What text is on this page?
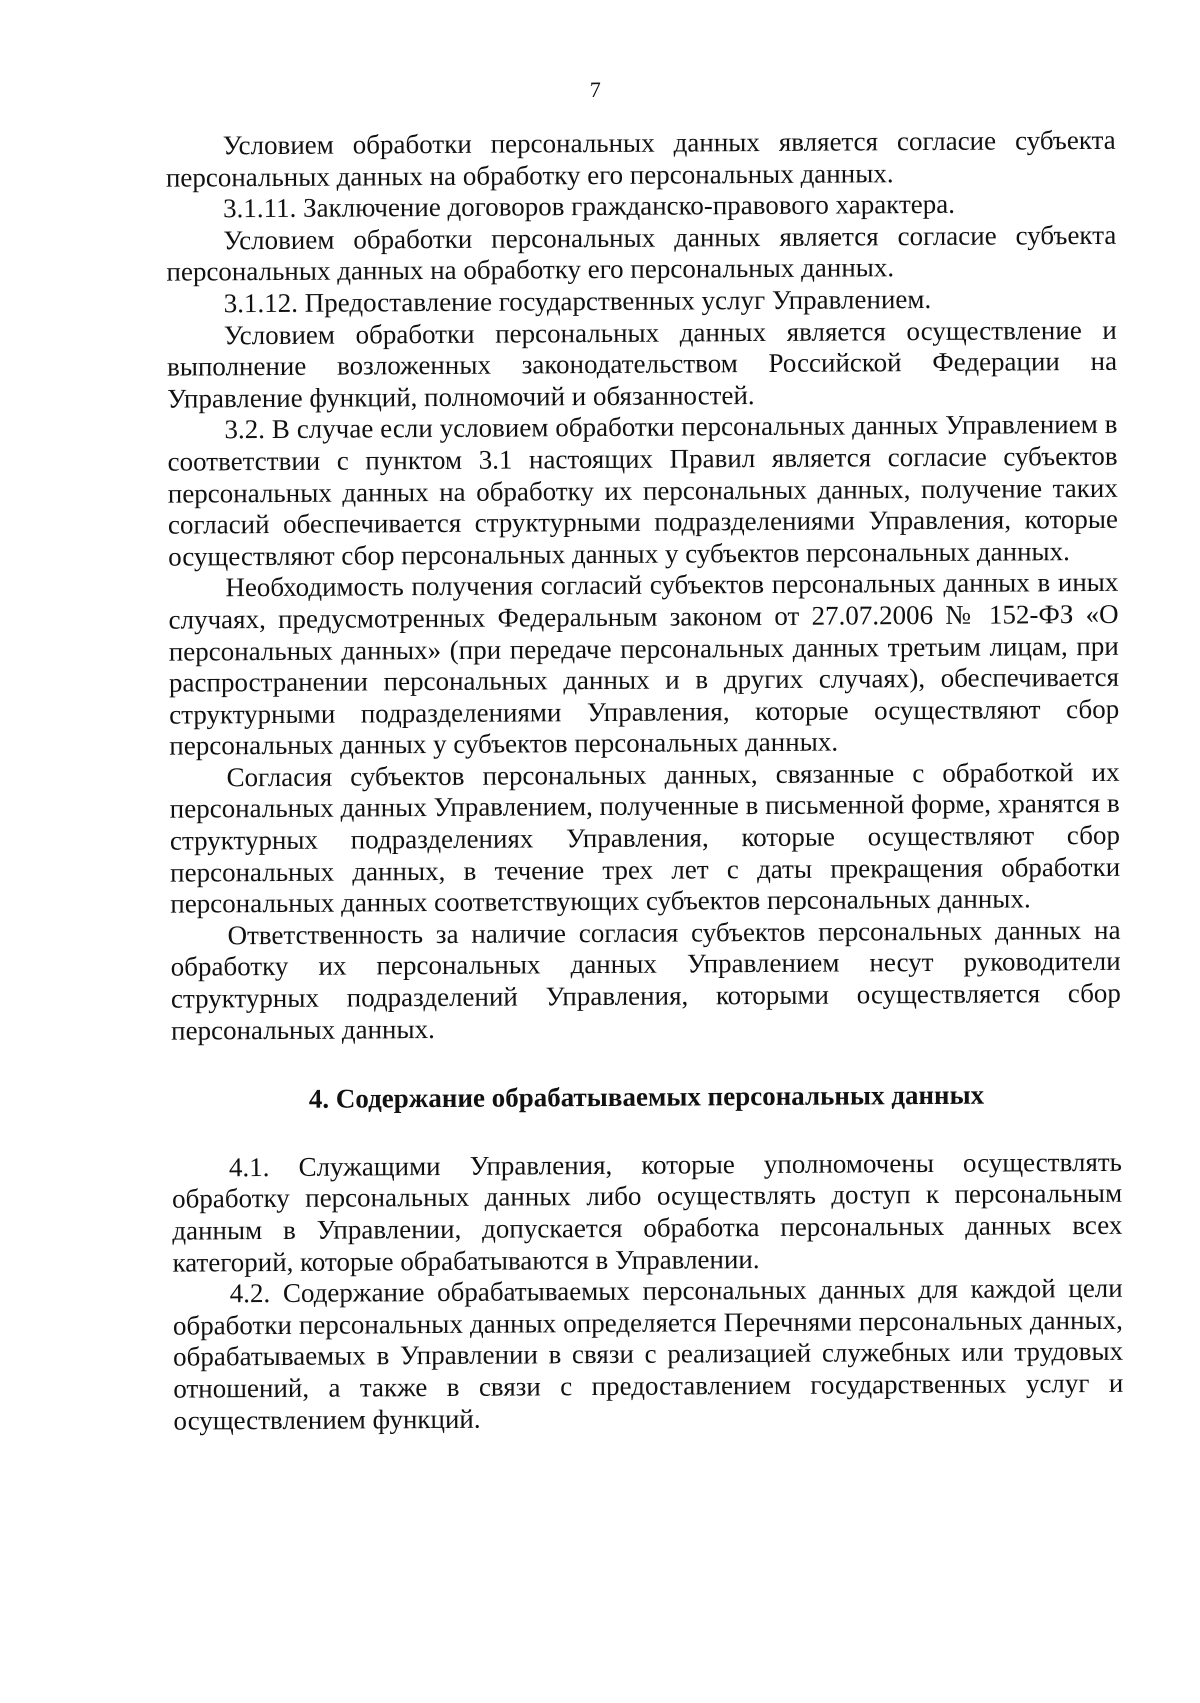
7

Условием обработки персональных данных является согласие субъекта персональных данных на обработку его персональных данных.

3.1.11. Заключение договоров гражданско-правового характера.

Условием обработки персональных данных является согласие субъекта персональных данных на обработку его персональных данных.

3.1.12. Предоставление государственных услуг Управлением.

Условием обработки персональных данных является осуществление и выполнение возложенных законодательством Российской Федерации на Управление функций, полномочий и обязанностей.

3.2. В случае если условием обработки персональных данных Управлением в соответствии с пунктом 3.1 настоящих Правил является согласие субъектов персональных данных на обработку их персональных данных, получение таких согласий обеспечивается структурными подразделениями Управления, которые осуществляют сбор персональных данных у субъектов персональных данных.

Необходимость получения согласий субъектов персональных данных в иных случаях, предусмотренных Федеральным законом от 27.07.2006 № 152-ФЗ «О персональных данных» (при передаче персональных данных третьим лицам, при распространении персональных данных и в других случаях), обеспечивается структурными подразделениями Управления, которые осуществляют сбор персональных данных у субъектов персональных данных.

Согласия субъектов персональных данных, связанные с обработкой их персональных данных Управлением, полученные в письменной форме, хранятся в структурных подразделениях Управления, которые осуществляют сбор персональных данных, в течение трех лет с даты прекращения обработки персональных данных соответствующих субъектов персональных данных.

Ответственность за наличие согласия субъектов персональных данных на обработку их персональных данных Управлением несут руководители структурных подразделений Управления, которыми осуществляется сбор персональных данных.

4. Содержание обрабатываемых персональных данных

4.1. Служащими Управления, которые уполномочены осуществлять обработку персональных данных либо осуществлять доступ к персональным данным в Управлении, допускается обработка персональных данных всех категорий, которые обрабатываются в Управлении.

4.2. Содержание обрабатываемых персональных данных для каждой цели обработки персональных данных определяется Перечнями персональных данных, обрабатываемых в Управлении в связи с реализацией служебных или трудовых отношений, а также в связи с предоставлением государственных услуг и осуществлением функций.
